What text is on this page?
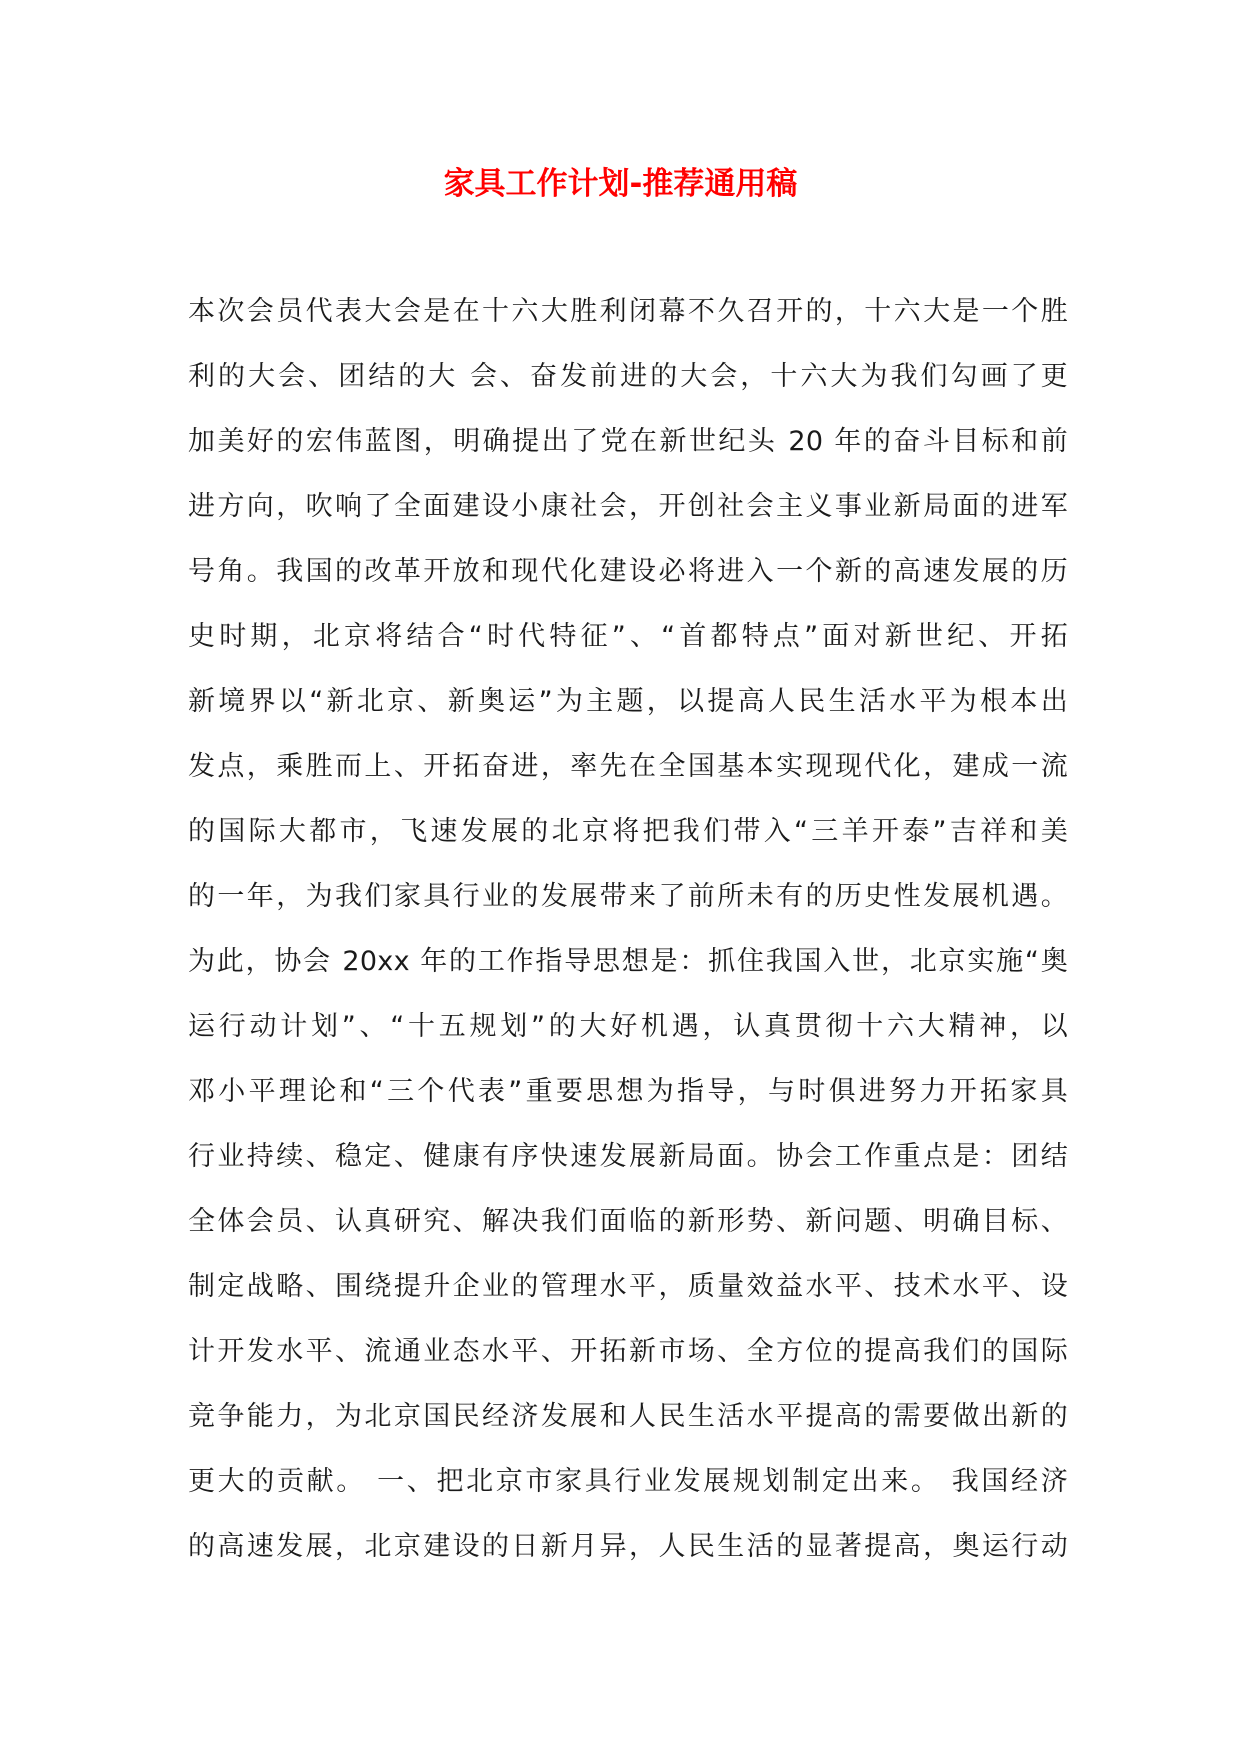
家具工作计划-推荐通用稿
本次会员代表大会是在十六大胜利闭幕不久召开的，十六大是一个胜
利的大会、团结的大 会、奋发前进的大会，十六大为我们勾画了更
加美好的宏伟蓝图，明确提出了党在新世纪头 20 年的奋斗目标和前
进方向，吹响了全面建设小康社会，开创社会主义事业新局面的进军
号角。我国的改革开放和现代化建设必将进入一个新的高速发展的历
史时期，北京将结合“时代特征”、“首都特点”面对新世纪、开拓
新境界以“新北京、新奥运”为主题，以提高人民生活水平为根本出
发点，乘胜而上、开拓奋进，率先在全国基本实现现代化，建成一流
的国际大都市，飞速发展的北京将把我们带入“三羊开泰”吉祥和美
的一年，为我们家具行业的发展带来了前所未有的历史性发展机遇。
为此，协会 20xx 年的工作指导思想是：抓住我国入世，北京实施“奥
运行动计划”、“十五规划”的大好机遇，认真贯彻十六大精神，以
邓小平理论和“三个代表”重要思想为指导，与时俱进努力开拓家具
行业持续、稳定、健康有序快速发展新局面。协会工作重点是：团结
全体会员、认真研究、解决我们面临的新形势、新问题、明确目标、
制定战略、围绕提升企业的管理水平，质量效益水平、技术水平、设
计开发水平、流通业态水平、开拓新市场、全方位的提高我们的国际
竞争能力，为北京国民经济发展和人民生活水平提高的需要做出新的
更大的贡献。 一、把北京市家具行业发展规划制定出来。 我国经济
的高速发展，北京建设的日新月异，人民生活的显著提高，奥运行动
